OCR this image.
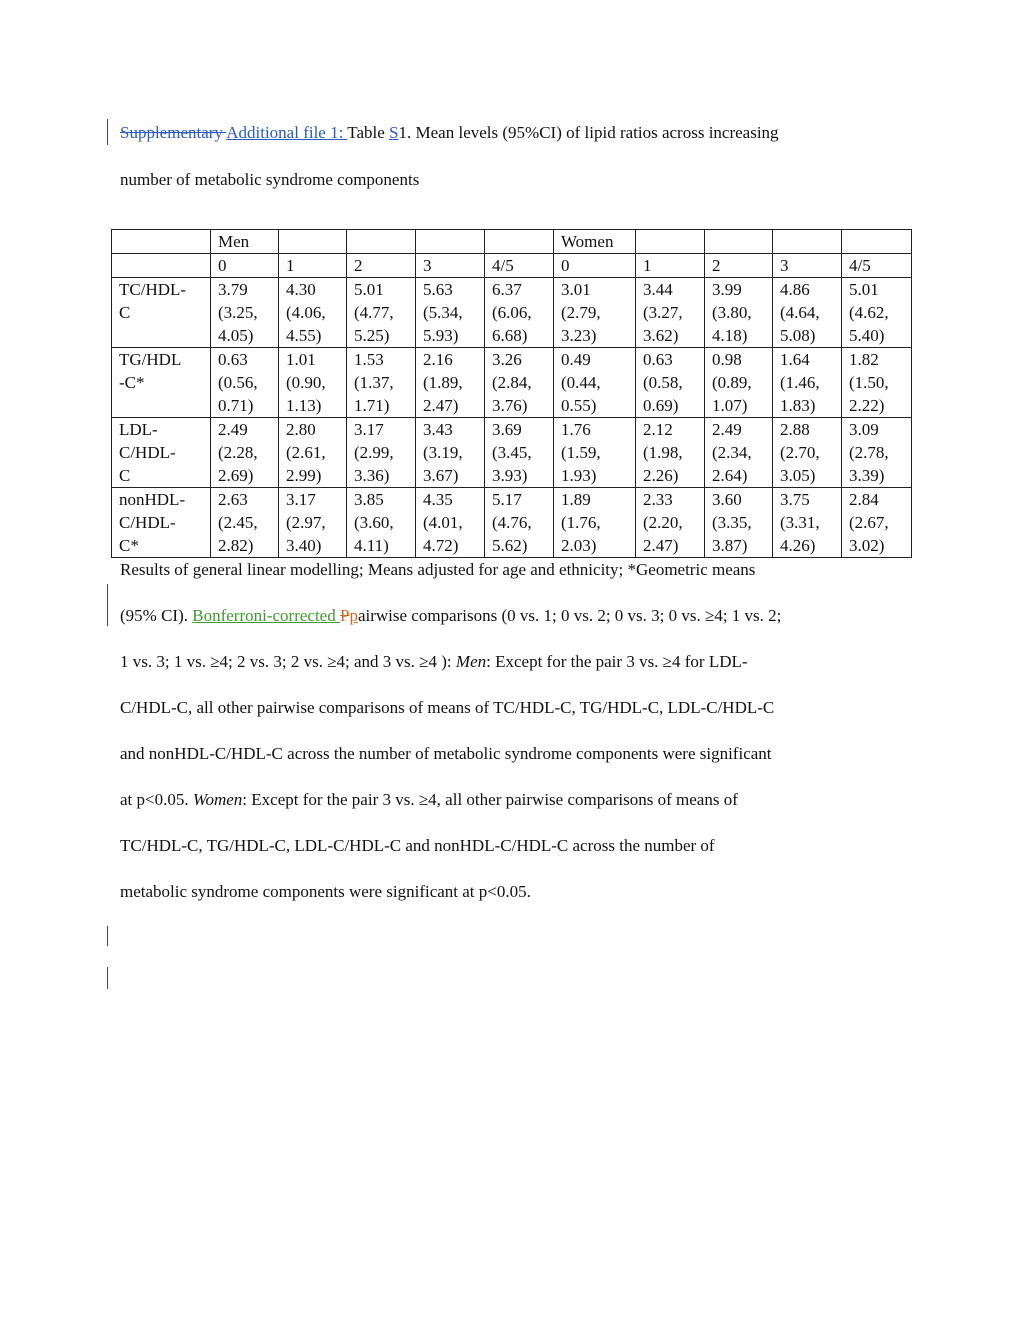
Supplementary Additional file 1: Table S1. Mean levels (95%CI) of lipid ratios across increasing
number of metabolic syndrome components
	Men					Women				
	0	1	2	3	4/5	0	1	2	3	4/5

TC/HDL-
C	3.79
(3.25,
4.05)	4.30
(4.06,
4.55)	5.01
(4.77,
5.25)	5.63
(5.34,
5.93)	6.37
(6.06,
6.68)	3.01
(2.79,
3.23)	3.44
(3.27,
3.62)	3.99
(3.80,
4.18)	4.86
(4.64,
5.08)	5.01
(4.62,
5.40)

TG/HDL
-C*	0.63
(0.56,
0.71)	1.01
(0.90,
1.13)	1.53
(1.37,
1.71)	2.16
(1.89,
2.47)	3.26
(2.84,
3.76)	0.49
(0.44,
0.55)	0.63
(0.58,
0.69)	0.98
(0.89,
1.07)	1.64
(1.46,
1.83)	1.82
(1.50,
2.22)

LDL-
C/HDL-
C	2.49
(2.28,
2.69)	2.80
(2.61,
2.99)	3.17
(2.99,
3.36)	3.43
(3.19,
3.67)	3.69
(3.45,
3.93)	1.76
(1.59,
1.93)	2.12
(1.98,
2.26)	2.49
(2.34,
2.64)	2.88
(2.70,
3.05)	3.09
(2.78,
3.39)

nonHDL-
C/HDL-
C*	2.63
(2.45,
2.82)	3.17
(2.97,
3.40)	3.85
(3.60,
4.11)	4.35
(4.01,
4.72)	5.17
(4.76,
5.62)	1.89
(1.76,
2.03)	2.33
(2.20,
2.47)	3.60
(3.35,
3.87)	3.75
(3.31,
4.26)	2.84
(2.67,
3.02)
Results of general linear modelling; Means adjusted for age and ethnicity; *Geometric means
(95% CI). Bonferroni-corrected Ppairwise comparisons (0 vs. 1; 0 vs. 2; 0 vs. 3; 0 vs. ≥4; 1 vs. 2;
1 vs. 3; 1 vs. ≥4; 2 vs. 3; 2 vs. ≥4; and 3 vs. ≥4 ): Men: Except for the pair 3 vs. ≥4 for LDL-
C/HDL-C, all other pairwise comparisons of means of TC/HDL-C, TG/HDL-C, LDL-C/HDL-C
and nonHDL-C/HDL-C across the number of metabolic syndrome components were significant
at p<0.05. Women: Except for the pair 3 vs. ≥4, all other pairwise comparisons of means of
TC/HDL-C, TG/HDL-C, LDL-C/HDL-C and nonHDL-C/HDL-C across the number of
metabolic syndrome components were significant at p<0.05.
